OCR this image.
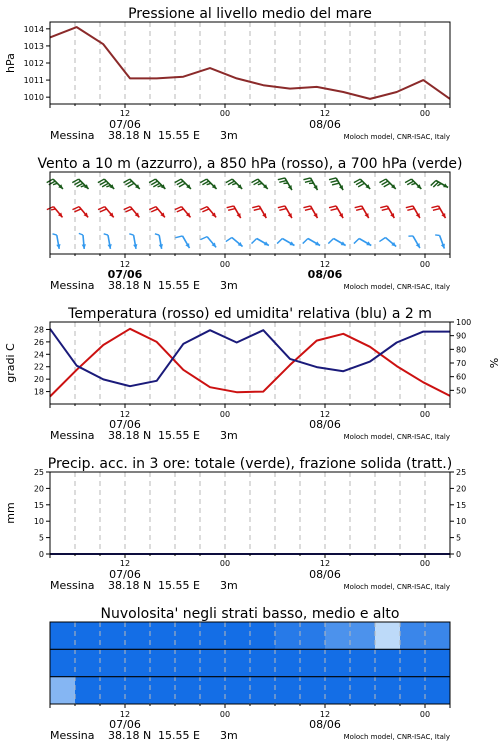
Pressione al livello medio del mare
1010
1011
1012
1013
1014
hPa
12	00	12	00
07/06	08/06
Messina 38.18 N 15.55 E 3m	Moloch model, CNR-ISAC, Italy
Vento a 10 m (azzurro), a 850 hPa (rosso), a 700 hPa (verde)
12	00	12	00
07/06	08/06
Messina 38.18 N 15.55 E 3m	Moloch model, CNR-ISAC, Italy
Temperatura (rosso) ed umidita' relativa (blu) a 2 m
18
20
22
24
26
28
gradi C
50
60
70
80
90
100
%
12	00	12	00
07/06	08/06
Messina 38.18 N 15.55 E 3m	Moloch model, CNR-ISAC, Italy
Precip. acc. in 3 ore: totale (verde), frazione solida (tratt.)
0
5
10
15
20
25
mm
0
5
10
15
20
25
12	00	12	00
07/06	08/06
Messina 38.18 N 15.55 E 3m	Moloch model, CNR-ISAC, Italy
Nuvolosita' negli strati basso, medio e alto
12	00	12	00
07/06	08/06
Messina 38.18 N 15.55 E 3m	Moloch model, CNR-ISAC, Italy
